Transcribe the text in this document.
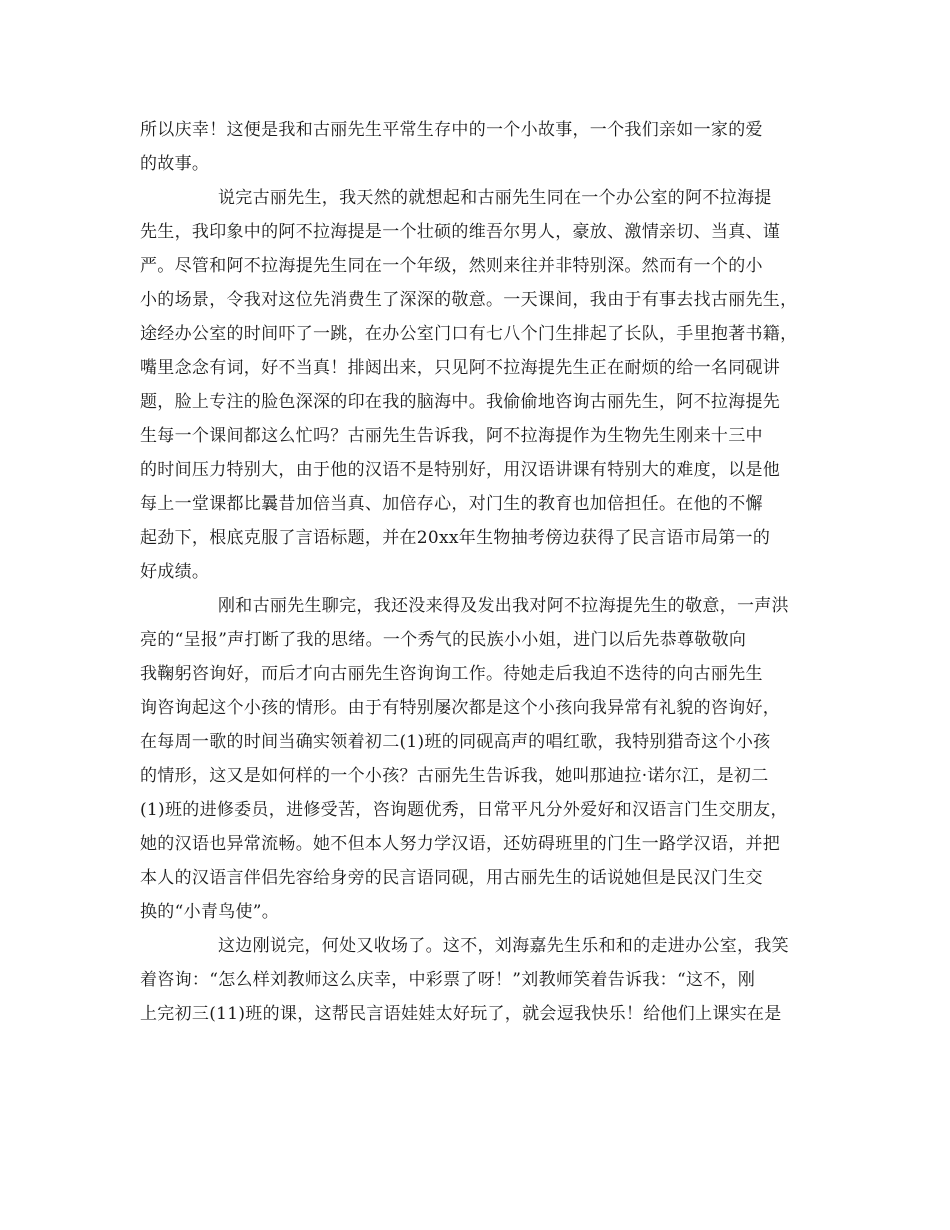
所以庆幸！这便是我和古丽先生平常生存中的一个小故事，一个我们亲如一家的爱
的故事。
说完古丽先生，我天然的就想起和古丽先生同在一个办公室的阿不拉海提
先生，我印象中的阿不拉海提是一个壮硕的维吾尔男人，豪放、激情亲切、当真、谨
严。尽管和阿不拉海提先生同在一个年级，然则来往并非特别深。然而有一个的小
小的场景，令我对这位先消费生了深深的敬意。一天课间，我由于有事去找古丽先生，
途经办公室的时间吓了一跳，在办公室门口有七八个门生排起了长队，手里抱著书籍，
嘴里念念有词，好不当真！排闼出来，只见阿不拉海提先生正在耐烦的给一名同砚讲
题，脸上专注的脸色深深的印在我的脑海中。我偷偷地咨询古丽先生，阿不拉海提先
生每一个课间都这么忙吗？古丽先生告诉我，阿不拉海提作为生物先生刚来十三中
的时间压力特别大，由于他的汉语不是特别好，用汉语讲课有特别大的难度，以是他
每上一堂课都比曩昔加倍当真、加倍存心，对门生的教育也加倍担任。在他的不懈
起劲下，根底克服了言语标题，并在20xx年生物抽考傍边获得了民言语市局第一的
好成绩。
刚和古丽先生聊完，我还没来得及发出我对阿不拉海提先生的敬意，一声洪
亮的“呈报”声打断了我的思绪。一个秀气的民族小小姐，进门以后先恭尊敬敬向
我鞠躬咨询好，而后才向古丽先生咨询询工作。待她走后我迫不迭待的向古丽先生
询咨询起这个小孩的情形。由于有特别屡次都是这个小孩向我异常有礼貌的咨询好，
在每周一歌的时间当确实领着初二(1)班的同砚高声的唱红歌，我特别猎奇这个小孩
的情形，这又是如何样的一个小孩？古丽先生告诉我，她叫那迪拉·诺尔江，是初二
(1)班的进修委员，进修受苦，咨询题优秀，日常平凡分外爱好和汉语言门生交朋友，
她的汉语也异常流畅。她不但本人努力学汉语，还妨碍班里的门生一路学汉语，并把
本人的汉语言伴侣先容给身旁的民言语同砚，用古丽先生的话说她但是民汉门生交
换的“小青鸟使”。
这边刚说完，何处又收场了。这不，刘海嘉先生乐和和的走进办公室，我笑
着咨询：“怎么样刘教师这么庆幸，中彩票了呀！”刘教师笑着告诉我：“这不，刚
上完初三(11)班的课，这帮民言语娃娃太好玩了，就会逗我快乐！给他们上课实在是
